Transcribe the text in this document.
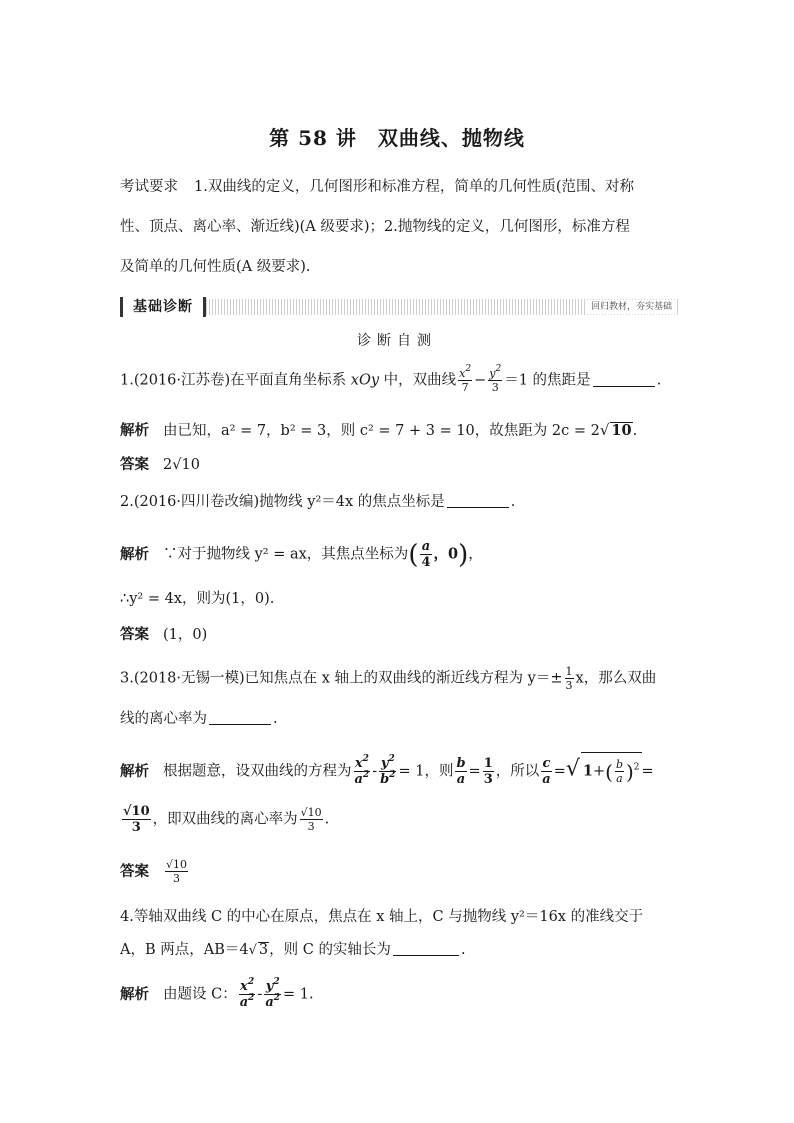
第 58 讲　双曲线、抛物线
考试要求 1.双曲线的定义，几何图形和标准方程，简单的几何性质(范围、对称
性、顶点、离心率、渐近线)(A 级要求)；2.抛物线的定义，几何图形，标准方程
及简单的几何性质(A 级要求).
基础诊断	回归教材，夯实基础
诊断自测
1.(2016·江苏卷)在平面直角坐标系 xOy 中，双曲线 $\frac{x^2}{7} - \frac{y^2}{3} =1$ 的焦距是	.
解析 由已知，a² = 7，b² = 3，则 c² = 7 + 3 = 10，故焦距为 2c = 2√ 10.
答案 2√10
2.(2016·四川卷改编)抛物线 y²＝4x 的焦点坐标是	.
解析 ∵对于抛物线 y² = ax，其焦点坐标为( $\frac{a}{4}$ ，0)，
∴y² = 4x，则为(1，0).
答案 (1，0)
3.(2018·无锡一模)已知焦点在 x 轴上的双曲线的渐近线方程为 $y=\pm \frac{1}{3}$ x，那么双曲
线的离心率为	.
解析 根据题意，设双曲线的方程为 $\frac{x^2}{a^2} - \frac{y^2}{b^2} = 1$，则 $\frac{b}{a} = \frac{1}{3}$ ，所以 $\frac{c}{a}$ =√ $1+( \frac{b}{a} )^2$ =
$\frac{√10}{3}$ ，即双曲线的离心率为 $\frac{√10}{3}$ .
答案 $\frac{√10}{3}$
4.等轴双曲线 C 的中心在原点，焦点在 x 轴上，C 与抛物线 y²＝16x 的准线交于
A，B 两点，AB＝4√ 3，则 C 的实轴长为	.
解析 由题设 C： $\frac{x^2}{a^2} - \frac{y^2}{a^2} = 1$.
